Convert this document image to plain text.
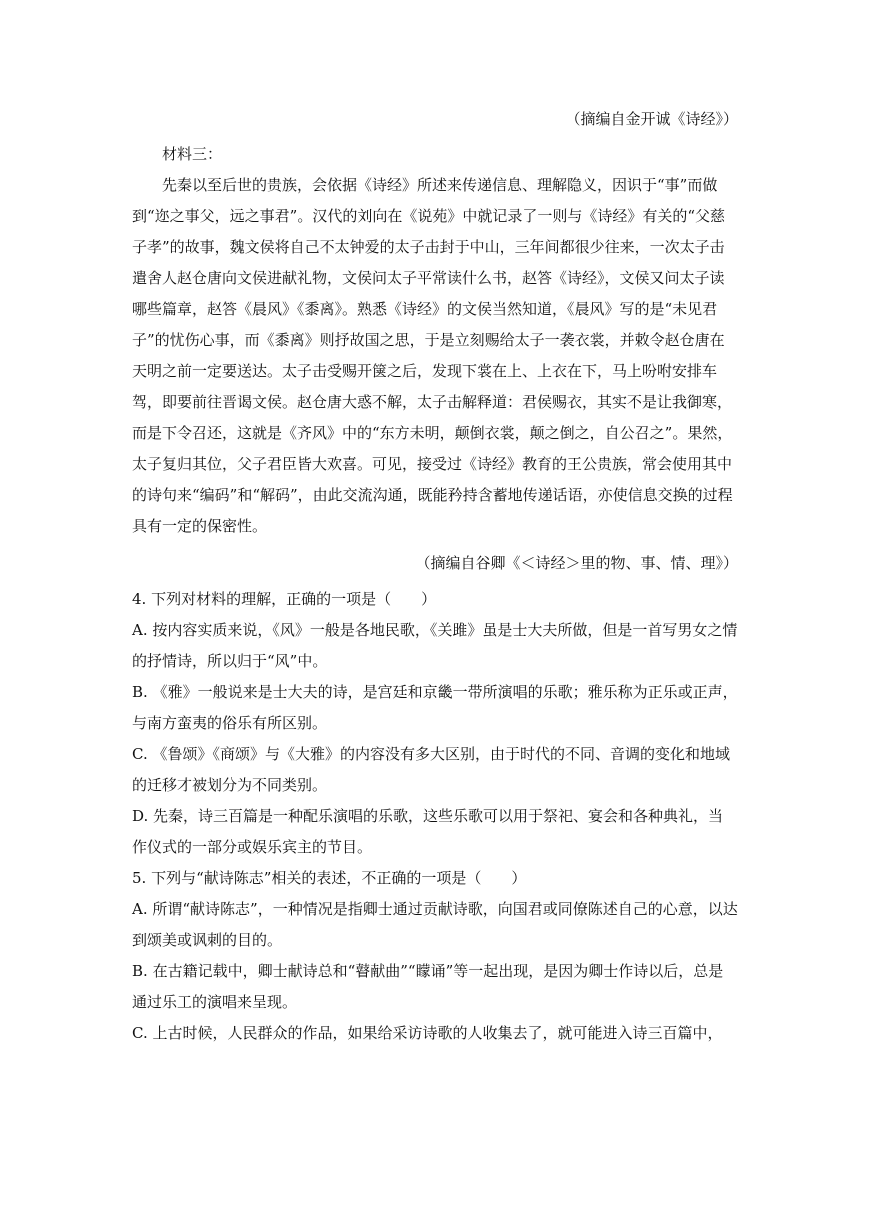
（摘编自金开诚《诗经》）
材料三：

先秦以至后世的贵族，会依据《诗经》所述来传递信息、理解隐义，因识于“事”而做到“迩之事父，远之事君”。汉代的刘向在《说苑》中就记录了一则与《诗经》有关的“父慈子孝”的故事，魏文侯将自己不太钟爱的太子击封于中山，三年间都很少往来，一次太子击遣舍人赵仓唐向文侯进献礼物，文侯问太子平常读什么书，赵答《诗经》，文侯又问太子读哪些篇章，赵答《晨风》《黍离》。熟悉《诗经》的文侯当然知道，《晨风》写的是“未见君子”的忧伤心事，而《黍离》则抒故国之思，于是立刻赐给太子一袭衣裳，并敕令赵仓唐在天明之前一定要送达。太子击受赐开箧之后，发现下裳在上、上衣在下，马上吩咐安排车驾，即要前往晋谒文侯。赵仓唐大惑不解，太子击解释道：君侯赐衣，其实不是让我御寒，而是下令召还，这就是《齐风》中的“东方未明，颠倒衣裳，颠之倒之，自公召之”。果然，太子复归其位，父子君臣皆大欢喜。可见，接受过《诗经》教育的王公贵族，常会使用其中的诗句来“编码”和“解码”，由此交流沟通，既能矜持含蓄地传递话语，亦使信息交换的过程具有一定的保密性。

（摘编自谷卿《＜诗经＞里的物、事、情、理》）
4. 下列对材料的理解，正确的一项是（　　）
A. 按内容实质来说，《风》一般是各地民歌，《关雎》虽是士大夫所做，但是一首写男女之情的抒情诗，所以归于“风”中。
B. 《雅》一般说来是士大夫的诗，是宫廷和京畿一带所演唱的乐歌；雅乐称为正乐或正声，与南方蛮夷的俗乐有所区别。
C. 《鲁颂》《商颂》与《大雅》的内容没有多大区别，由于时代的不同、音调的变化和地域的迁移才被划分为不同类别。
D. 先秦，诗三百篇是一种配乐演唱的乐歌，这些乐歌可以用于祭祀、宴会和各种典礼，当作仪式的一部分或娱乐宾主的节目。
5. 下列与“献诗陈志”相关的表述，不正确的一项是（　　）
A. 所谓“献诗陈志”，一种情况是指卿士通过贡献诗歌，向国君或同僚陈述自己的心意，以达到颂美或讽刺的目的。
B. 在古籍记载中，卿士献诗总和“瞽献曲”“矇诵”等一起出现，是因为卿士作诗以后，总是通过乐工的演唱来呈现。
C. 上古时候，人民群众的作品，如果给采访诗歌的人收集去了，就可能进入诗三百篇中，
